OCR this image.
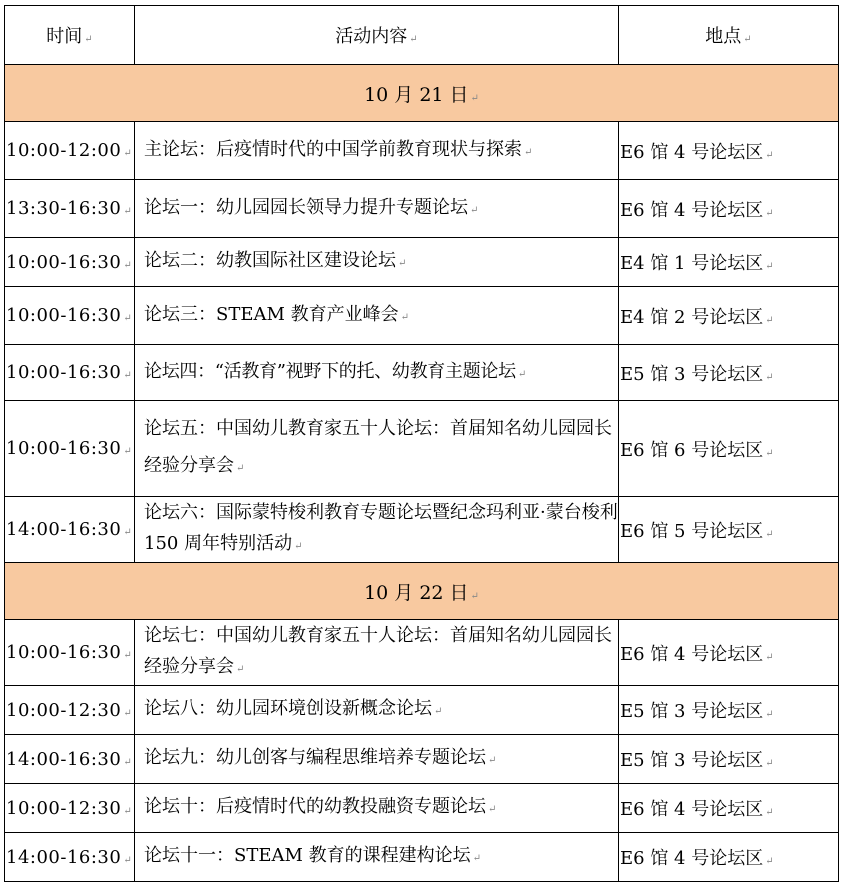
时间 ↵	活动内容 ↵	地点 ↵
10 月 21 日 ↵		
10:00-12:00 ↵	主论坛：后疫情时代的中国学前教育现状与探索 ↵	E6 馆 4 号论坛区 ↵
13:30-16:30 ↵	论坛一：幼儿园园长领导力提升专题论坛 ↵	E6 馆 4 号论坛区 ↵
10:00-16:30 ↵	论坛二：幼教国际社区建设论坛 ↵	E4 馆 1 号论坛区 ↵
10:00-16:30 ↵	论坛三：STEAM 教育产业峰会 ↵	E4 馆 2 号论坛区 ↵
10:00-16:30 ↵	论坛四：“活教育”视野下的托、幼教育主题论坛 ↵	E5 馆 3 号论坛区 ↵
10:00-16:30 ↵	论坛五：中国幼儿教育家五十人论坛：首届知名幼儿园园长经验分享会 ↵	E6 馆 6 号论坛区 ↵
14:00-16:30 ↵	论坛六：国际蒙特梭利教育专题论坛暨纪念玛利亚·蒙台梭利 150 周年特别活动 ↵	E6 馆 5 号论坛区 ↵
10 月 22 日 ↵		
10:00-16:30 ↵	论坛七：中国幼儿教育家五十人论坛：首届知名幼儿园园长经验分享会 ↵	E6 馆 4 号论坛区 ↵
10:00-12:30 ↵	论坛八：幼儿园环境创设新概念论坛 ↵	E5 馆 3 号论坛区 ↵
14:00-16:30 ↵	论坛九：幼儿创客与编程思维培养专题论坛 ↵	E5 馆 3 号论坛区 ↵
10:00-12:30 ↵	论坛十：后疫情时代的幼教投融资专题论坛 ↵	E6 馆 4 号论坛区 ↵
14:00-16:30 ↵	论坛十一：STEAM 教育的课程建构论坛 ↵	E6 馆 4 号论坛区 ↵
